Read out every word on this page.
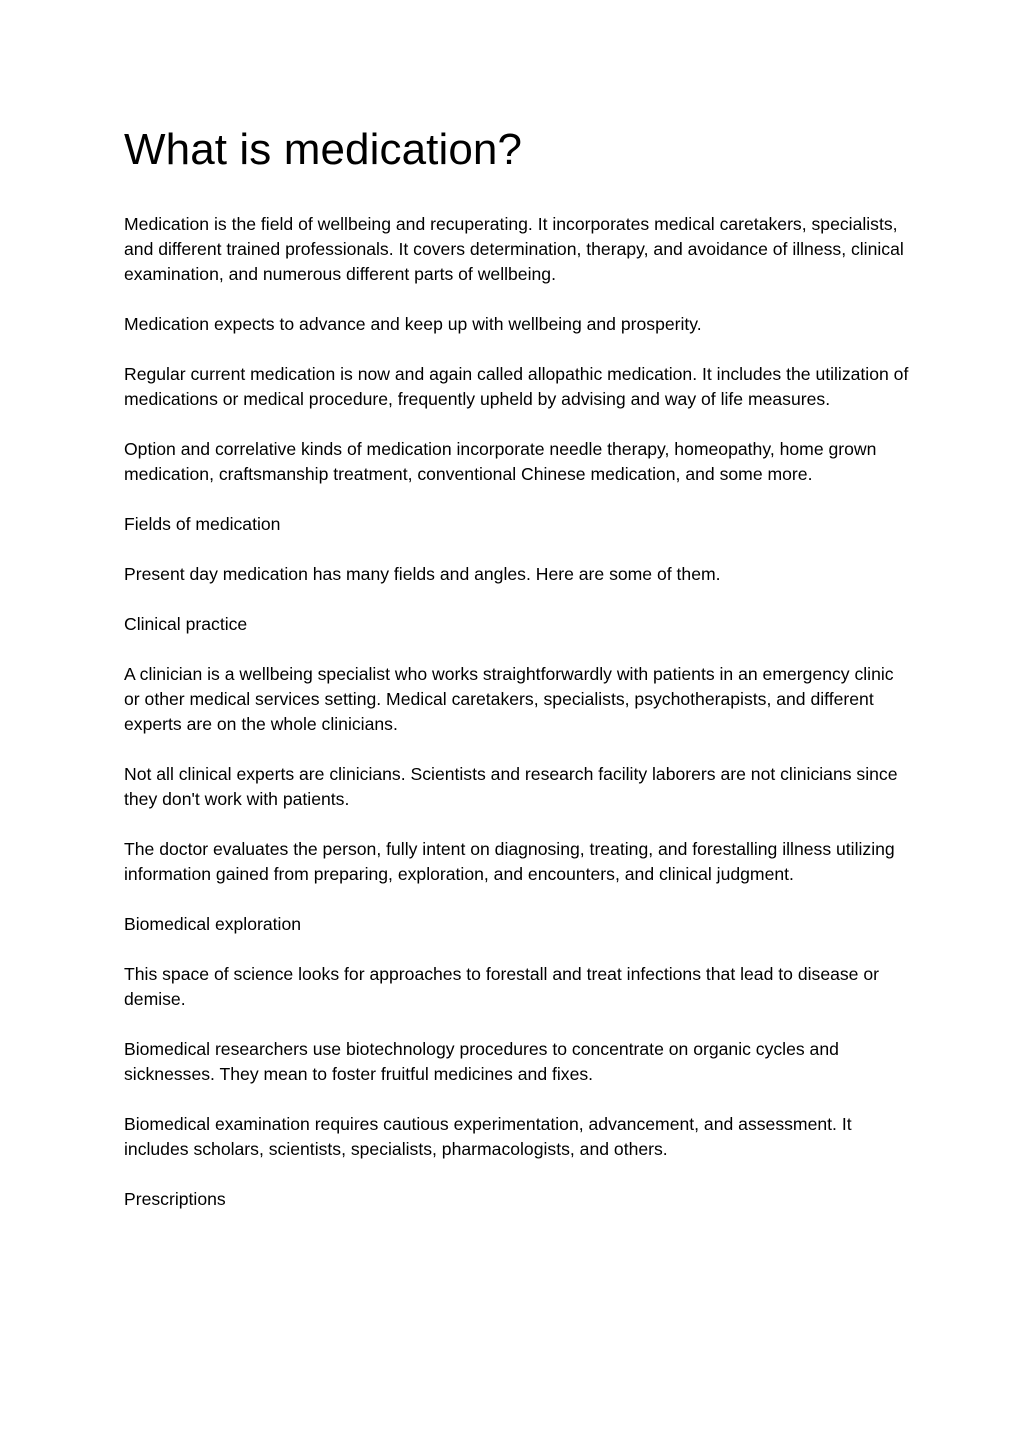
What is medication?

Medication is the field of wellbeing and recuperating. It incorporates medical caretakers, specialists, and different trained professionals. It covers determination, therapy, and avoidance of illness, clinical examination, and numerous different parts of wellbeing.

Medication expects to advance and keep up with wellbeing and prosperity.

Regular current medication is now and again called allopathic medication. It includes the utilization of medications or medical procedure, frequently upheld by advising and way of life measures.

Option and correlative kinds of medication incorporate needle therapy, homeopathy, home grown medication, craftsmanship treatment, conventional Chinese medication, and some more.

Fields of medication

Present day medication has many fields and angles. Here are some of them.

Clinical practice

A clinician is a wellbeing specialist who works straightforwardly with patients in an emergency clinic or other medical services setting. Medical caretakers, specialists, psychotherapists, and different experts are on the whole clinicians.

Not all clinical experts are clinicians. Scientists and research facility laborers are not clinicians since they don't work with patients.

The doctor evaluates the person, fully intent on diagnosing, treating, and forestalling illness utilizing information gained from preparing, exploration, and encounters, and clinical judgment.

Biomedical exploration

This space of science looks for approaches to forestall and treat infections that lead to disease or demise.

Biomedical researchers use biotechnology procedures to concentrate on organic cycles and sicknesses. They mean to foster fruitful medicines and fixes.

Biomedical examination requires cautious experimentation, advancement, and assessment. It includes scholars, scientists, specialists, pharmacologists, and others.

Prescriptions
